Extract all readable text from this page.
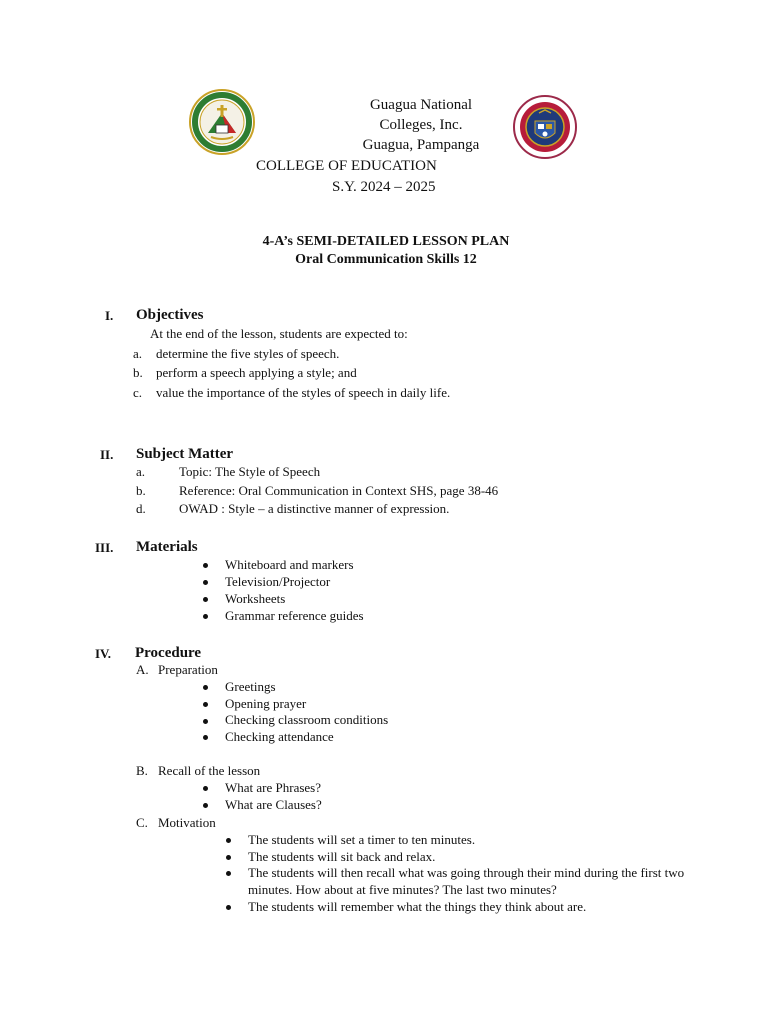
Guagua National
Colleges, Inc.
Guagua, Pampanga
COLLEGE OF EDUCATION
S.Y. 2024 – 2025
4-A’s SEMI-DETAILED LESSON PLAN
Oral Communication Skills 12
I. Objectives
At the end of the lesson, students are expected to:
a. determine the five styles of speech.
b. perform a speech applying a style; and
c. value the importance of the styles of speech in daily life.
II. Subject Matter
a.	Topic: The Style of Speech
b.	Reference: Oral Communication in Context SHS, page 38-46
d.	OWAD : Style – a distinctive manner of expression.
III. Materials
Whiteboard and markers
Television/Projector
Worksheets
Grammar reference guides
IV. Procedure
A. Preparation
Greetings
Opening prayer
Checking classroom conditions
Checking attendance
B. Recall of the lesson
What are Phrases?
What are Clauses?
C. Motivation
The students will set a timer to ten minutes.
The students will sit back and relax.
The students will then recall what was going through their mind during the first two
minutes. How about at five minutes? The last two minutes?
The students will remember what the things they think about are.
